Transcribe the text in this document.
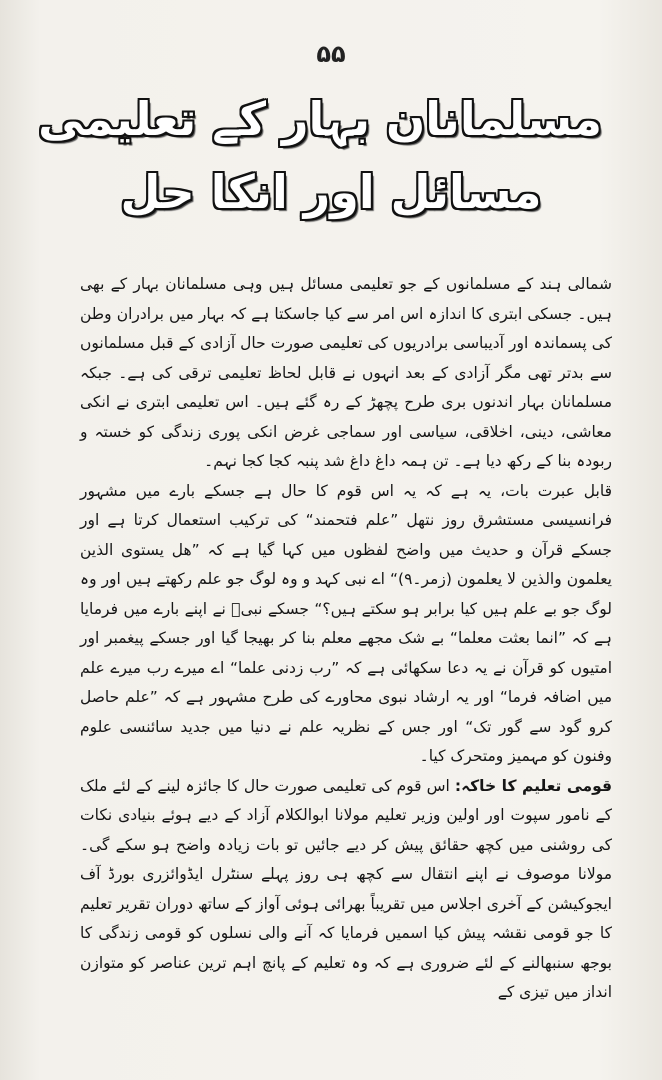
۵۵
مسلمانان بہار کے تعلیمی
مسائل اور انکا حل

شمالی ہند کے مسلمانوں کے جو تعلیمی مسائل ہیں وہی مسلمانان بہار کے بھی ہیں۔ جسکی ابتری کا اندازہ اس امر سے کیا جاسکتا ہے کہ بہار میں برادران وطن کی پسماندہ اور آدیباسی برادریوں کی تعلیمی صورت حال آزادی کے قبل مسلمانوں سے بدتر تھی مگر آزادی کے بعد انہوں نے قابل لحاظ تعلیمی ترقی کی ہے۔ جبکہ مسلمانان بہار اندنوں بری طرح پچھڑ کے رہ گئے ہیں۔ اس تعلیمی ابتری نے انکی معاشی، دینی، اخلاقی، سیاسی اور سماجی غرض انکی پوری زندگی کو خستہ و ربودہ بنا کے رکھ دیا ہے۔ تن ہمہ داغ داغ شد پنبہ کجا کجا نہم۔

قابل عبرت بات، یہ ہے کہ یہ اس قوم کا حال ہے جسکے بارے میں مشہور فرانسیسی مستشرق روز نتھل ”علم فتحمند“ کی ترکیب استعمال کرتا ہے اور جسکے قرآن و حدیث میں واضح لفظوں میں کہا گیا ہے کہ ”هل يستوى الذين يعلمون والذين لا يعلمون (زمر۔۹)“ اے نبی کہد و وہ لوگ جو علم رکھتے ہیں اور وہ لوگ جو بے علم ہیں کیا برابر ہو سکتے ہیں؟“ جسکے نبیؐ نے اپنے بارے میں فرمایا ہے کہ ”انما بعثت معلما“ بے شک مجھے معلم بنا کر بھیجا گیا اور جسکے پیغمبر اور امتیوں کو قرآن نے یہ دعا سکھائی ہے کہ ”رب زدنی علما“ اے میرے رب میرے علم میں اضافہ فرما“ اور یہ ارشاد نبوی محاورے کی طرح مشہور ہے کہ ”علم حاصل کرو گود سے گور تک“ اور جس کے نظریہ علم نے دنیا میں جدید سائنسی علوم وفنون کو مہمیز ومتحرک کیا۔

قومی تعلیم کا خاکہ: اس قوم کی تعلیمی صورت حال کا جائزہ لینے کے لئے ملک کے نامور سپوت اور اولین وزیر تعلیم مولانا ابوالکلام آزاد کے دیے ہوئے بنیادی نکات کی روشنی میں کچھ حقائق پیش کر دیے جائیں تو بات زیادہ واضح ہو سکے گی۔ مولانا موصوف نے اپنے انتقال سے کچھ ہی روز پہلے سنٹرل ایڈوائزری بورڈ آف ایجوکیشن کے آخری اجلاس میں تقریباً بھرائی ہوئی آواز کے ساتھ دوران تقریر تعلیم کا جو قومی نقشہ پیش کیا اسمیں فرمایا کہ آنے والی نسلوں کو قومی زندگی کا بوجھ سنبھالنے کے لئے ضروری ہے کہ وہ تعلیم کے پانچ اہم ترین عناصر کو متوازن انداز میں تیزی کے
